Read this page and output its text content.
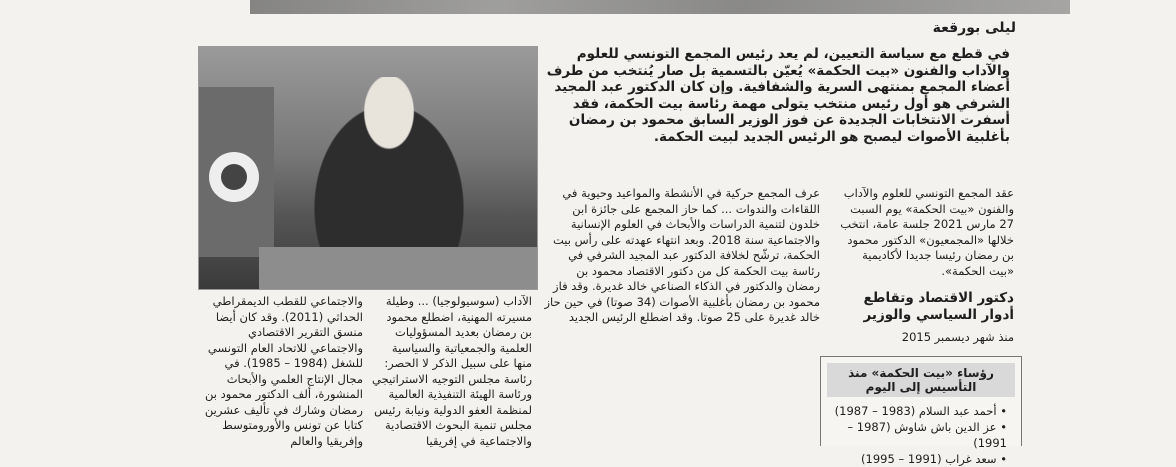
ليلى بورقعة
في قطع مع سياسة التعيين، لم يعد رئيس المجمع التونسي للعلوم والآداب والفنون «بيت الحكمة» يُعيّن بالتسمية بل صار يُنتخب من طرف أعضاء المجمع بمنتهى السرية والشفافية. وإن كان الدكتور عبد المجيد الشرفي هو أول رئيس منتخب يتولى مهمة رئاسة بيت الحكمة، فقد أسفرت الانتخابات الجديدة عن فوز الوزير السابق محمود بن رمضان بأغلبية الأصوات ليصبح هو الرئيس الجديد لبيت الحكمة.
عقد المجمع التونسي للعلوم والآداب والفنون «بيت الحكمة» يوم السبت 27 مارس 2021 جلسة عامة، انتخب خلالها «المجمعيون» الدكتور محمود بن رمضان رئيسا جديدا لأكاديمية «بيت الحكمة».
دكتور الاقتصاد وتقاطع أدوار السياسي والوزير
منذ شهر ديسمبر 2015
عرف المجمع حركية في الأنشطة والمواعيد وحيوية في اللقاءات والندوات ... كما حاز المجمع على جائزة ابن خلدون لتنمية الدراسات والأبحاث في العلوم الإنسانية والاجتماعية سنة 2018. وبعد انتهاء عهدته على رأس بيت الحكمة، ترشّح لخلافة الدكتور عبد المجيد الشرفي في رئاسة بيت الحكمة كل من دكتور الاقتصاد محمود بن رمضان والدكتور في الذكاء الصناعي خالد غديرة. وقد فاز محمود بن رمضان بأغلبية الأصوات (34 صوتا) في حين حاز خالد غديرة على 25 صوتا. وقد اضطلع الرئيس الجديد
الآداب (سوسيولوجيا) ... وطيلة مسيرته المهنية، اضطلع محمود بن رمضان بعديد المسؤوليات العلمية والجمعياتية والسياسية منها على سبيل الذكر لا الحصر: رئاسة مجلس التوجيه الاستراتيجي ورئاسة الهيئة التنفيذية العالمية لمنظمة العفو الدولية ونيابة رئيس مجلس تنمية البحوث الاقتصادية والاجتماعية في إفريقيا
والاجتماعي للقطب الديمقراطي الحداثي (2011). وقد كان أيضا منسق التقرير الاقتصادي والاجتماعي للاتحاد العام التونسي للشغل (1984 – 1985). في مجال الإنتاج العلمي والأبحاث المنشورة، ألف الدكتور محمود بن رمضان وشارك في تأليف عشرين كتابا عن تونس والأورومتوسط وإفريقيا والعالم
رؤساء «بيت الحكمة» منذ التأسيس إلى اليوم
• أحمد عبد السلام (1983 – 1987)
• عز الدين باش شاوش (1987 – 1991)
• سعد غراب (1991 – 1995)
